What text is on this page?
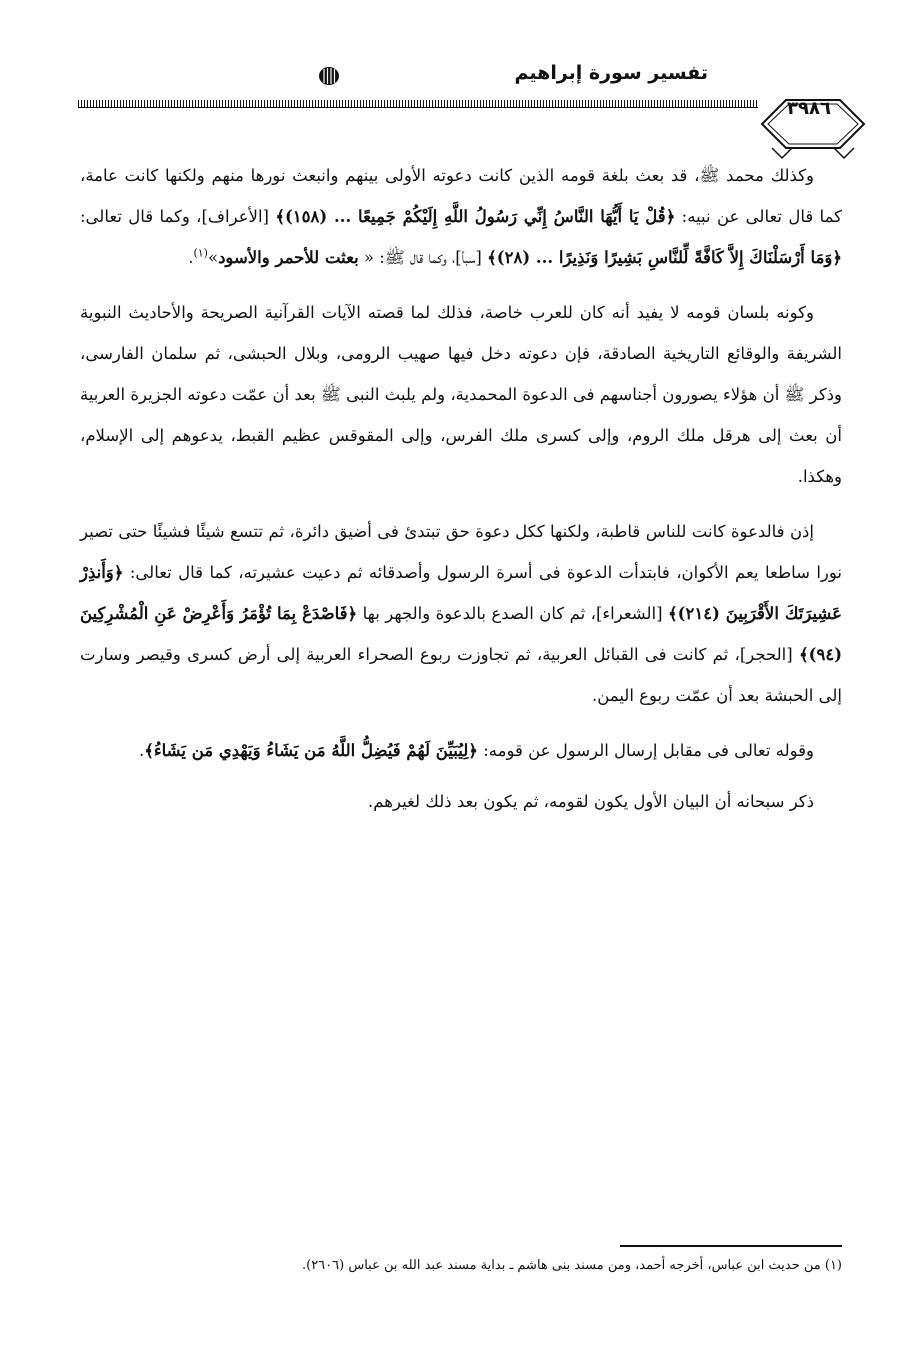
تفسير سورة إبراهيم
٣٩٨٦

وكذلك محمد ﷺ، قد بعث بلغة قومه الذين كانت دعوته الأولى بينهم وانبعث نورها منهم ولكنها كانت عامة، كما قال تعالى عن نبيه: ﴿قُلْ يَا أَيُّهَا النَّاسُ إِنِّي رَسُولُ اللَّهِ إِلَيْكُمْ جَمِيعًا ... (١٥٨)﴾ [الأعراف]، وكما قال تعالى: ﴿وَمَا أَرْسَلْنَاكَ إِلاَّ كَافَّةً لِّلنَّاسِ بَشِيرًا وَنَذِيرًا ... (٢٨)﴾ [سبأ]، وكما قال ﷺ: « بعثت للأحمر والأسود»$^{(١)}$.

وكونه بلسان قومه لا يفيد أنه كان للعرب خاصة، فذلك لما قصته الآيات القرآنية الصريحة والأحاديث النبوية الشريفة والوقائع التاريخية الصادقة، فإن دعوته دخل فيها صهيب الرومى، وبلال الحبشى، ثم سلمان الفارسى، وذكر ﷺ أن هؤلاء يصورون أجناسهم فى الدعوة المحمدية، ولم يلبث النبى ﷺ بعد أن عمّت دعوته الجزيرة العربية أن بعث إلى هرقل ملك الروم، وإلى كسرى ملك الفرس، وإلى المقوقس عظيم القبط، يدعوهم إلى الإسلام، وهكذا.

إذن فالدعوة كانت للناس قاطبة، ولكنها ككل دعوة حق تبتدئ فى أضيق دائرة، ثم تتسع شيئًا فشيئًا حتى تصير نورا ساطعا يعم الأكوان، فابتدأت الدعوة فى أسرة الرسول وأصدقائه ثم دعيت عشيرته، كما قال تعالى: ﴿وَأَنذِرْ عَشِيرَتَكَ الأَقْرَبِينَ (٢١٤)﴾ [الشعراء]، ثم كان الصدع بالدعوة والجهر بها ﴿فَاصْدَعْ بِمَا تُؤْمَرُ وَأَعْرِضْ عَنِ الْمُشْرِكِينَ (٩٤)﴾ [الحجر]، ثم كانت فى القبائل العربية، ثم تجاوزت ربوع الصحراء العربية إلى أرض كسرى وقيصر وسارت إلى الحبشة بعد أن عمّت ربوع اليمن.

وقوله تعالى فى مقابل إرسال الرسول عن قومه: ﴿لِيُبَيِّنَ لَهُمْ فَيُضِلُّ اللَّهُ مَن يَشَاءُ وَيَهْدِي مَن يَشَاءُ﴾.

ذكر سبحانه أن البيان الأول يكون لقومه، ثم يكون بعد ذلك لغيرهم.

(١) من حديث ابن عباس، أخرجه أحمد، ومن مسند بنى هاشم ـ بداية مسند عبد الله بن عباس (٢٦٠٦).
